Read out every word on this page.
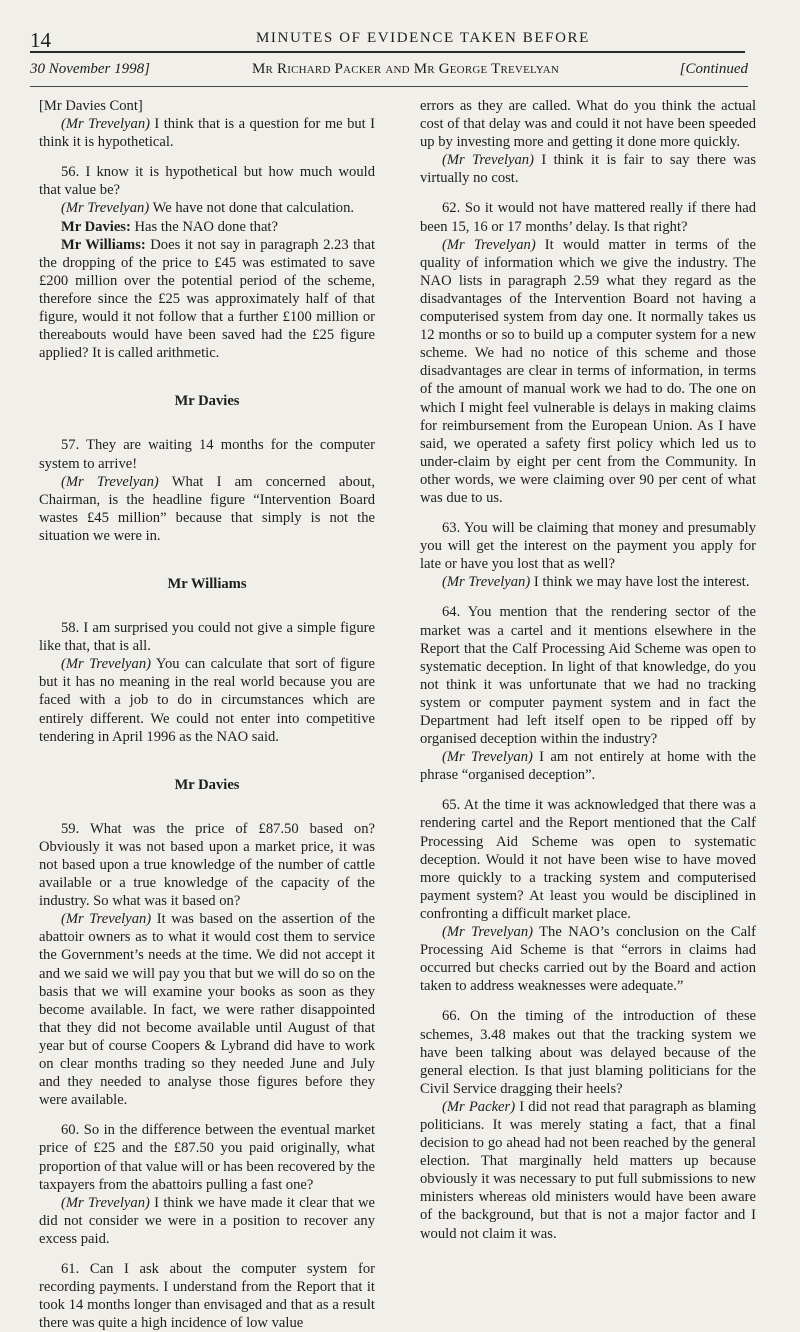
14	MINUTES OF EVIDENCE TAKEN BEFORE
30 November 1998]	Mr Richard Packer and Mr George Trevelyan	[Continued

[Mr Davies Cont]

(Mr Trevelyan) I think that is a question for me but I think it is hypothetical.

56. I know it is hypothetical but how much would that value be?

(Mr Trevelyan) We have not done that calculation.

Mr Davies: Has the NAO done that?

Mr Williams: Does it not say in paragraph 2.23 that the dropping of the price to £45 was estimated to save £200 million over the potential period of the scheme, therefore since the £25 was approximately half of that figure, would it not follow that a further £100 million or thereabouts would have been saved had the £25 figure applied? It is called arithmetic.

Mr Davies

57. They are waiting 14 months for the computer system to arrive!

(Mr Trevelyan) What I am concerned about, Chairman, is the headline figure “Intervention Board wastes £45 million” because that simply is not the situation we were in.

Mr Williams

58. I am surprised you could not give a simple figure like that, that is all.

(Mr Trevelyan) You can calculate that sort of figure but it has no meaning in the real world because you are faced with a job to do in circumstances which are entirely different. We could not enter into competitive tendering in April 1996 as the NAO said.

Mr Davies

59. What was the price of £87.50 based on? Obviously it was not based upon a market price, it was not based upon a true knowledge of the number of cattle available or a true knowledge of the capacity of the industry. So what was it based on?

(Mr Trevelyan) It was based on the assertion of the abattoir owners as to what it would cost them to service the Government’s needs at the time. We did not accept it and we said we will pay you that but we will do so on the basis that we will examine your books as soon as they become available. In fact, we were rather disappointed that they did not become available until August of that year but of course Coopers & Lybrand did have to work on clear months trading so they needed June and July and they needed to analyse those figures before they were available.

60. So in the difference between the eventual market price of £25 and the £87.50 you paid originally, what proportion of that value will or has been recovered by the taxpayers from the abattoirs pulling a fast one?

(Mr Trevelyan) I think we have made it clear that we did not consider we were in a position to recover any excess paid.

61. Can I ask about the computer system for recording payments. I understand from the Report that it took 14 months longer than envisaged and that as a result there was quite a high incidence of low value

errors as they are called. What do you think the actual cost of that delay was and could it not have been speeded up by investing more and getting it done more quickly.

(Mr Trevelyan) I think it is fair to say there was virtually no cost.

62. So it would not have mattered really if there had been 15, 16 or 17 months’ delay. Is that right?

(Mr Trevelyan) It would matter in terms of the quality of information which we give the industry. The NAO lists in paragraph 2.59 what they regard as the disadvantages of the Intervention Board not having a computerised system from day one. It normally takes us 12 months or so to build up a computer system for a new scheme. We had no notice of this scheme and those disadvantages are clear in terms of information, in terms of the amount of manual work we had to do. The one on which I might feel vulnerable is delays in making claims for reimbursement from the European Union. As I have said, we operated a safety first policy which led us to under-claim by eight per cent from the Community. In other words, we were claiming over 90 per cent of what was due to us.

63. You will be claiming that money and presumably you will get the interest on the payment you apply for late or have you lost that as well?

(Mr Trevelyan) I think we may have lost the interest.

64. You mention that the rendering sector of the market was a cartel and it mentions elsewhere in the Report that the Calf Processing Aid Scheme was open to systematic deception. In light of that knowledge, do you not think it was unfortunate that we had no tracking system or computer payment system and in fact the Department had left itself open to be ripped off by organised deception within the industry?

(Mr Trevelyan) I am not entirely at home with the phrase “organised deception”.

65. At the time it was acknowledged that there was a rendering cartel and the Report mentioned that the Calf Processing Aid Scheme was open to systematic deception. Would it not have been wise to have moved more quickly to a tracking system and computerised payment system? At least you would be disciplined in confronting a difficult market place.

(Mr Trevelyan) The NAO’s conclusion on the Calf Processing Aid Scheme is that “errors in claims had occurred but checks carried out by the Board and action taken to address weaknesses were adequate.”

66. On the timing of the introduction of these schemes, 3.48 makes out that the tracking system we have been talking about was delayed because of the general election. Is that just blaming politicians for the Civil Service dragging their heels?

(Mr Packer) I did not read that paragraph as blaming politicians. It was merely stating a fact, that a final decision to go ahead had not been reached by the general election. That marginally held matters up because obviously it was necessary to put full submissions to new ministers whereas old ministers would have been aware of the background, but that is not a major factor and I would not claim it was.
